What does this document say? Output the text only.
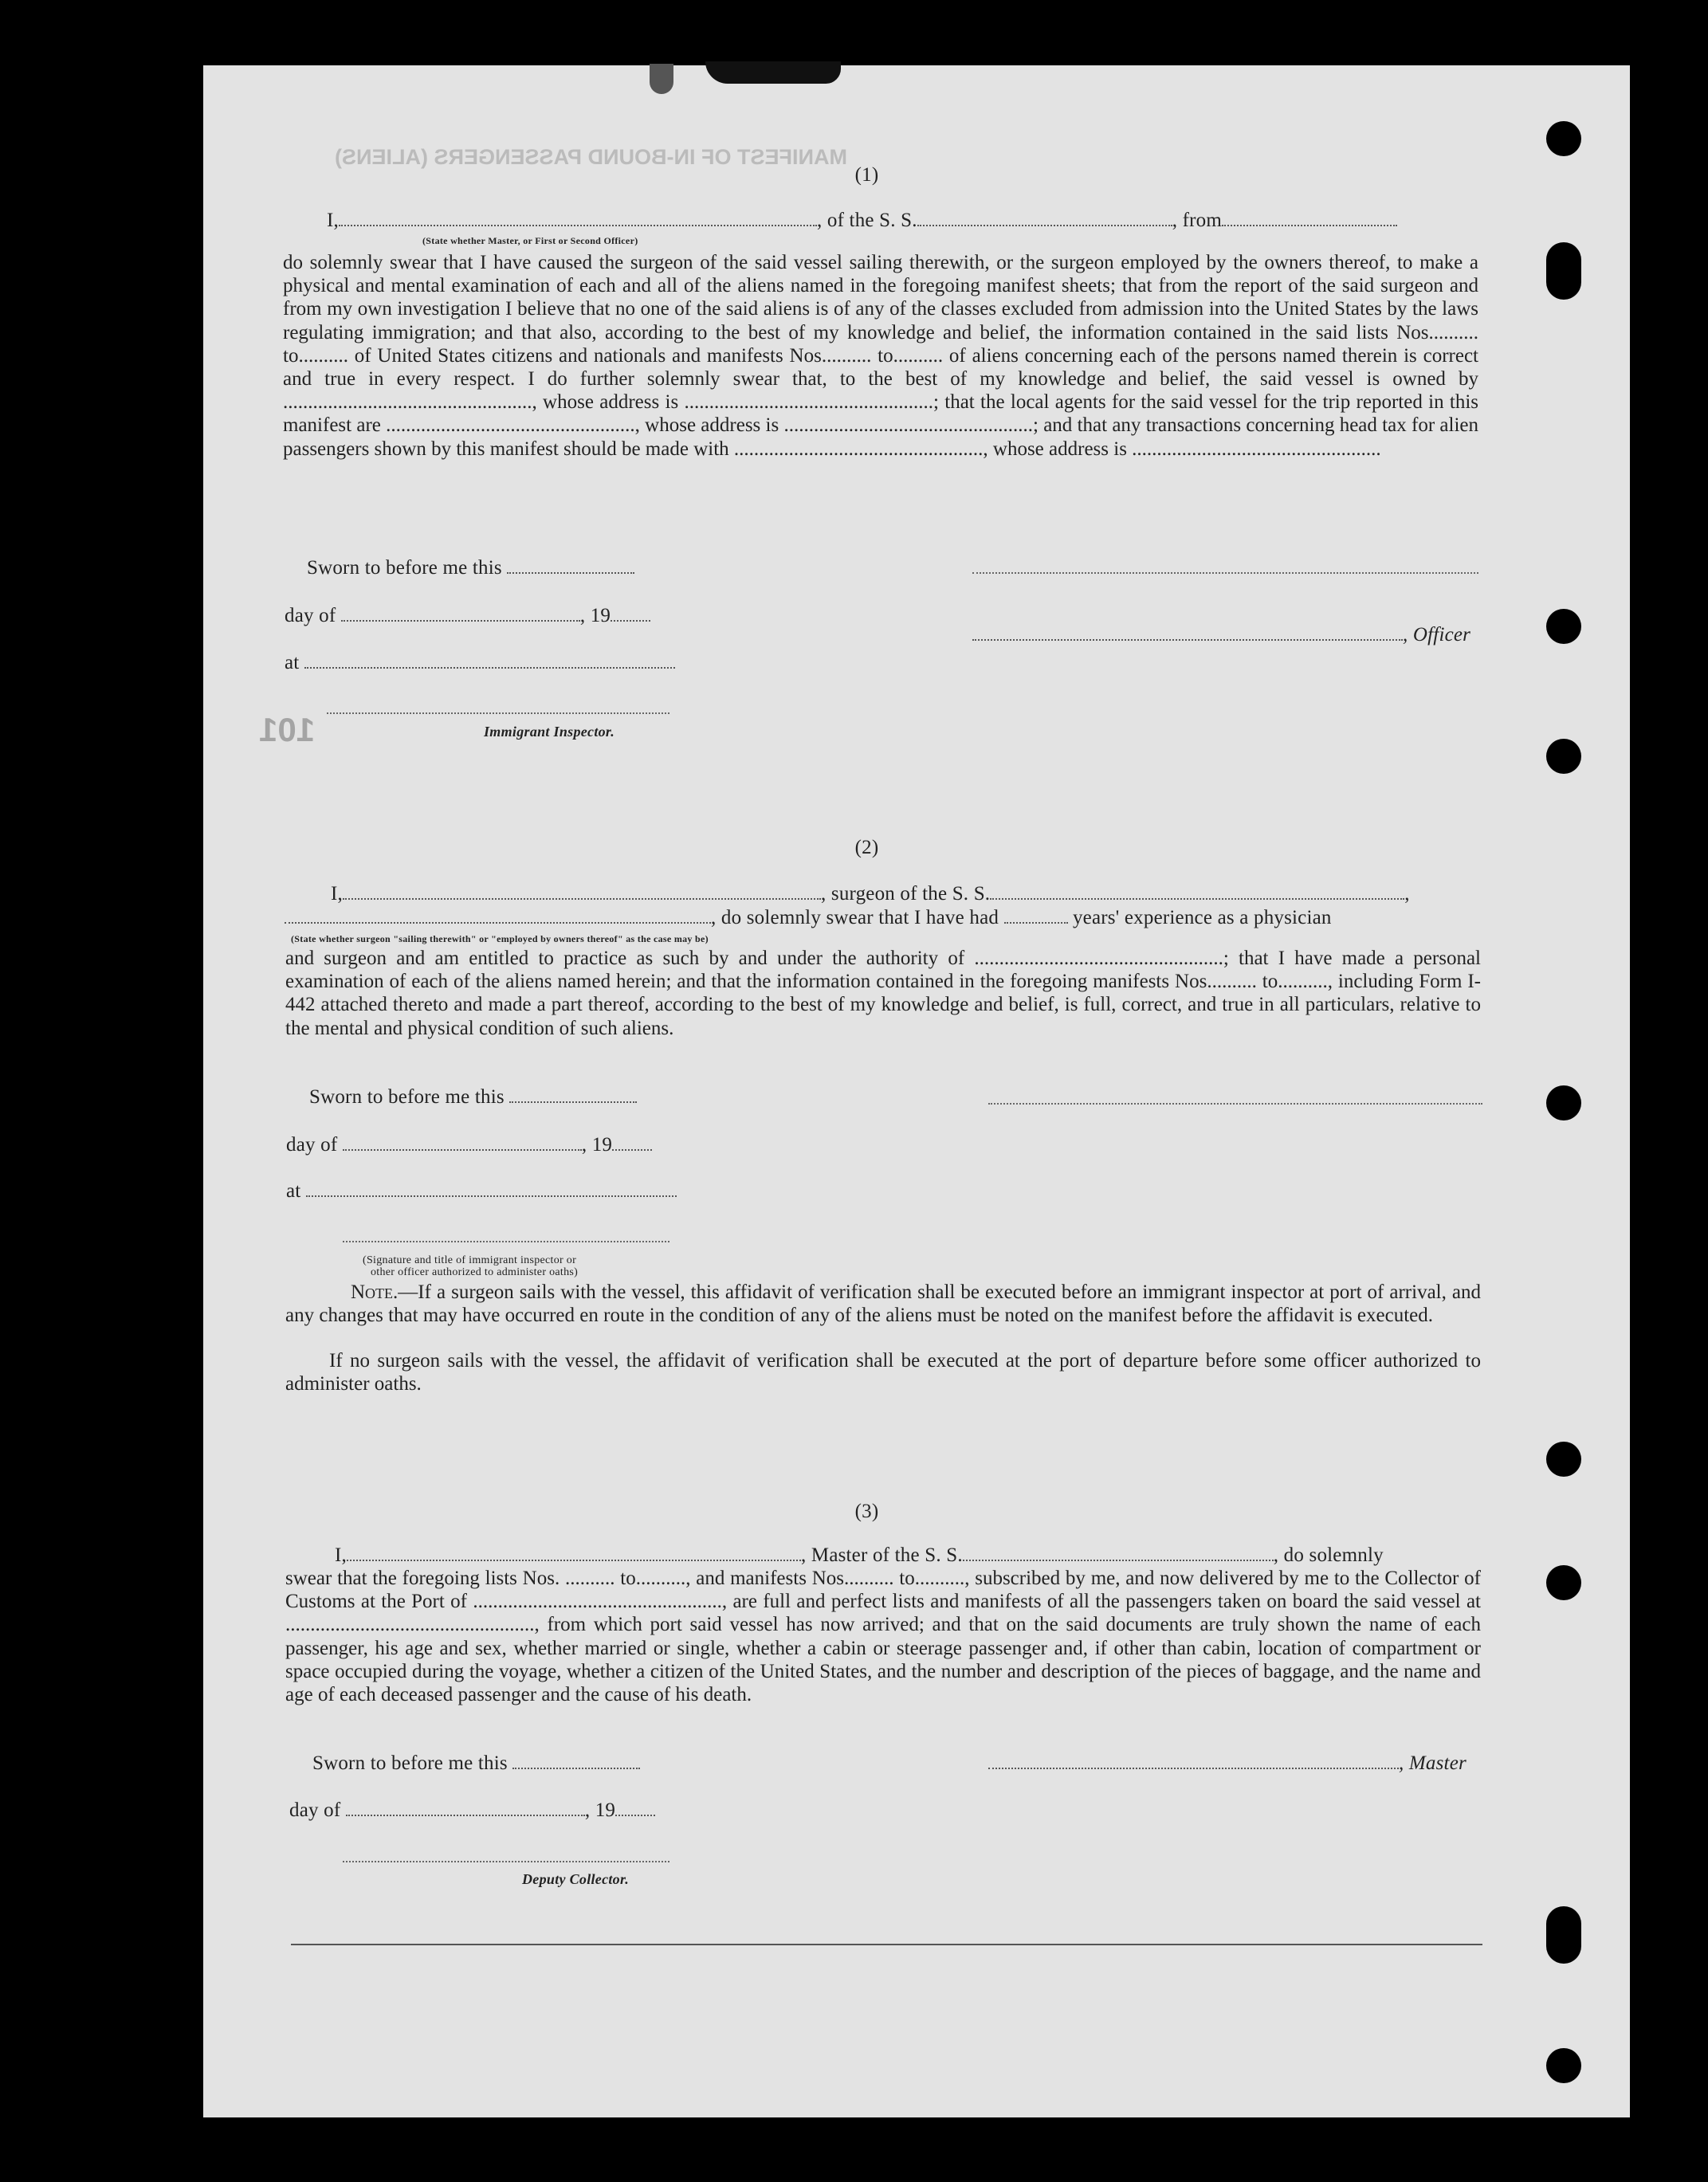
MANIFEST OF IN-BOUND PASSENGERS (ALIENS)
101
(1)
I,	, of the S. S.	, from
(State whether Master, or First or Second Officer)
do solemnly swear that I have caused the surgeon of the said vessel sailing therewith, or the surgeon employed by the owners thereof, to make a physical and mental examination of each and all of the aliens named in the foregoing manifest sheets; that from the report of the said surgeon and from my own investigation I believe that no one of the said aliens is of any of the classes excluded from admission into the United States by the laws regulating immigration; and that also, according to the best of my knowledge and belief, the information contained in the said lists Nos.......... to.......... of United States citizens and nationals and manifests Nos.......... to.......... of aliens concerning each of the persons named therein is correct and true in every respect. I do further solemnly swear that, to the best of my knowledge and belief, the said vessel is owned by .................................................., whose address is ..................................................; that the local agents for the said vessel for the trip reported in this manifest are .................................................., whose address is ..................................................; and that any transactions concerning head tax for alien passengers shown by this manifest should be made with .................................................., whose address is ..................................................
Sworn to before me this
day of	, 19
, Officer
at
Immigrant Inspector.
(2)
I,	, surgeon of the S. S.	,
, do solemnly swear that I have had	years' experience as a physician
(State whether surgeon "sailing therewith" or "employed by owners thereof" as the case may be)
and surgeon and am entitled to practice as such by and under the authority of ..................................................; that I have made a personal examination of each of the aliens named herein; and that the information contained in the foregoing manifests Nos.......... to.........., including Form I-442 attached thereto and made a part thereof, according to the best of my knowledge and belief, is full, correct, and true in all particulars, relative to the mental and physical condition of such aliens.
Sworn to before me this
day of	, 19
at
(Signature and title of immigrant inspector or
other officer authorized to administer oaths)
Note.—If a surgeon sails with the vessel, this affidavit of verification shall be executed before an immigrant inspector at port of arrival, and any changes that may have occurred en route in the condition of any of the aliens must be noted on the manifest before the affidavit is executed.
If no surgeon sails with the vessel, the affidavit of verification shall be executed at the port of departure before some officer authorized to administer oaths.
(3)
I,	, Master of the S. S.	, do solemnly
swear that the foregoing lists Nos. .......... to.........., and manifests Nos.......... to.........., subscribed by me, and now delivered by me to the Collector of Customs at the Port of .................................................., are full and perfect lists and manifests of all the passengers taken on board the said vessel at .................................................., from which port said vessel has now arrived; and that on the said documents are truly shown the name of each passenger, his age and sex, whether married or single, whether a cabin or steerage passenger and, if other than cabin, location of compartment or space occupied during the voyage, whether a citizen of the United States, and the number and description of the pieces of baggage, and the name and age of each deceased passenger and the cause of his death.
Sworn to before me this	, Master
day of	, 19
Deputy Collector.
